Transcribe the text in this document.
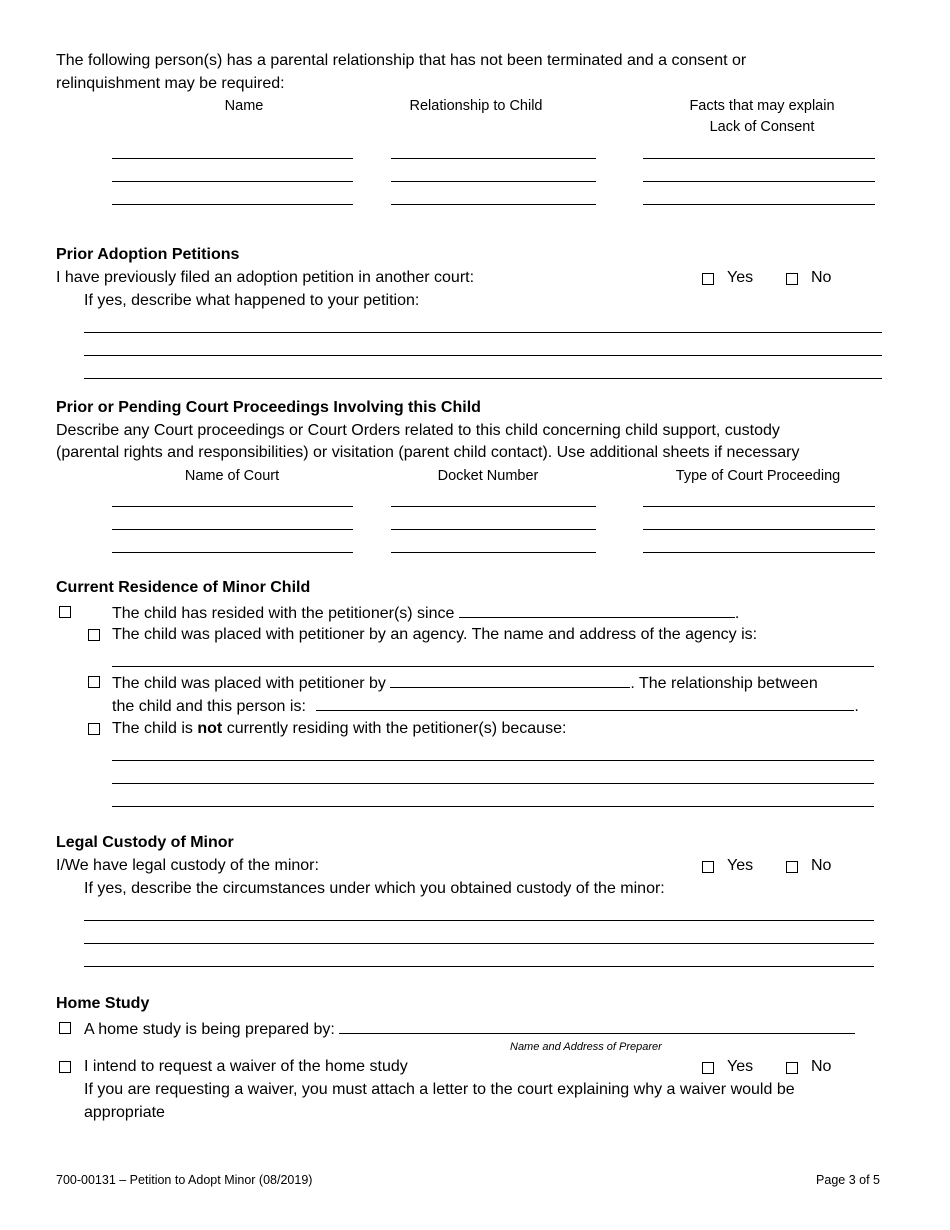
The following person(s) has a parental relationship that has not been terminated and a consent or
relinquishment may be required:
Name	Relationship to Child	Facts that may explain
Lack of Consent
Prior Adoption Petitions
I have previously filed an adoption petition in another court:	Yes	No
If yes, describe what happened to your petition:
Prior or Pending Court Proceedings Involving this Child
Describe any Court proceedings or Court Orders related to this child concerning child support, custody
(parental rights and responsibilities) or visitation (parent child contact). Use additional sheets if necessary
Name of Court	Docket Number	Type of Court Proceeding
Current Residence of Minor Child
The child has resided with the petitioner(s) since	.
The child was placed with petitioner by an agency. The name and address of the agency is:
The child was placed with petitioner by	. The relationship between
the child and this person is:	.
The child is not currently residing with the petitioner(s) because:
Legal Custody of Minor
I/We have legal custody of the minor:	Yes	No
If yes, describe the circumstances under which you obtained custody of the minor:
Home Study
A home study is being prepared by:
Name and Address of Preparer
I intend to request a waiver of the home study	Yes	No
If you are requesting a waiver, you must attach a letter to the court explaining why a waiver would be
appropriate
700-00131 – Petition to Adopt Minor (08/2019)	Page 3 of 5
